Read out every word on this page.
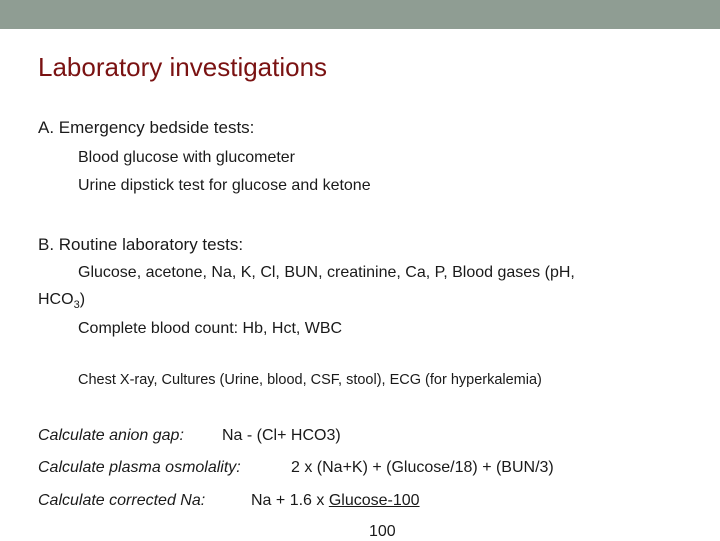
Laboratory investigations
A. Emergency bedside tests:
Blood glucose with glucometer
Urine dipstick test for glucose and ketone
B. Routine laboratory tests:
Glucose, acetone, Na, K, Cl, BUN, creatinine, Ca, P, Blood gases (pH,
$HCO_3$)
Complete blood count: Hb, Hct, WBC
Chest X-ray, Cultures (Urine, blood, CSF, stool), ECG (for hyperkalemia)
Calculate anion gap: Na - (Cl+ HCO3)
Calculate plasma osmolality:	2 x (Na+K) + (Glucose/18) + (BUN/3)
Calculate corrected Na:	Na + 1.6 x Glucose-100
100
